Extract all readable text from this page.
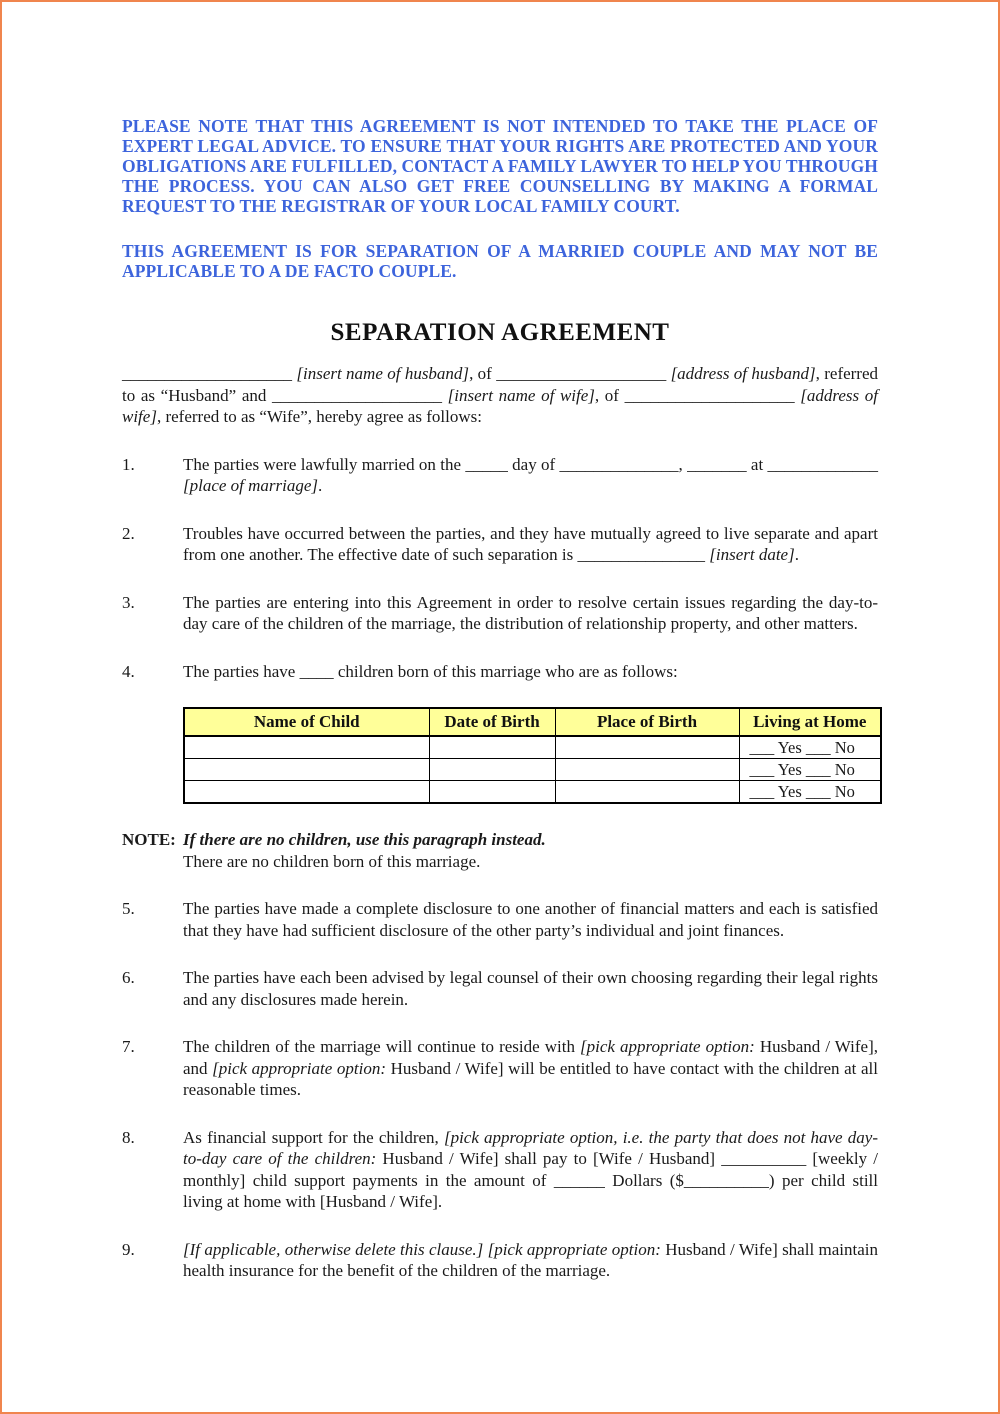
PLEASE NOTE THAT THIS AGREEMENT IS NOT INTENDED TO TAKE THE PLACE OF EXPERT LEGAL ADVICE. TO ENSURE THAT YOUR RIGHTS ARE PROTECTED AND YOUR OBLIGATIONS ARE FULFILLED, CONTACT A FAMILY LAWYER TO HELP YOU THROUGH THE PROCESS. YOU CAN ALSO GET FREE COUNSELLING BY MAKING A FORMAL REQUEST TO THE REGISTRAR OF YOUR LOCAL FAMILY COURT.

THIS AGREEMENT IS FOR SEPARATION OF A MARRIED COUPLE AND MAY NOT BE APPLICABLE TO A DE FACTO COUPLE.

SEPARATION AGREEMENT

____________________ [insert name of husband], of ____________________ [address of husband], referred to as “Husband” and ____________________ [insert name of wife], of ____________________ [address of wife], referred to as “Wife”, hereby agree as follows:

1.	The parties were lawfully married on the _____ day of ______________, _______ at _____________ [place of marriage].

2.	Troubles have occurred between the parties, and they have mutually agreed to live separate and apart from one another. The effective date of such separation is _______________ [insert date].

3.	The parties are entering into this Agreement in order to resolve certain issues regarding the day-to-day care of the children of the marriage, the distribution of relationship property, and other matters.

4.	The parties have ____ children born of this marriage who are as follows:

Name of Child	Date of Birth	Place of Birth	Living at Home
			___ Yes ___ No
			___ Yes ___ No
			___ Yes ___ No
NOTE: If there are no children, use this paragraph instead.

There are no children born of this marriage.

5.	The parties have made a complete disclosure to one another of financial matters and each is satisfied that they have had sufficient disclosure of the other party’s individual and joint finances.

6.	The parties have each been advised by legal counsel of their own choosing regarding their legal rights and any disclosures made herein.

7.	The children of the marriage will continue to reside with [pick appropriate option: Husband / Wife], and [pick appropriate option: Husband / Wife] will be entitled to have contact with the children at all reasonable times.

8.	As financial support for the children, [pick appropriate option, i.e. the party that does not have day-to-day care of the children: Husband / Wife] shall pay to [Wife / Husband] __________ [weekly / monthly] child support payments in the amount of ______ Dollars ($__________) per child still living at home with [Husband / Wife].

9.	[If applicable, otherwise delete this clause.] [pick appropriate option: Husband / Wife] shall maintain health insurance for the benefit of the children of the marriage.
